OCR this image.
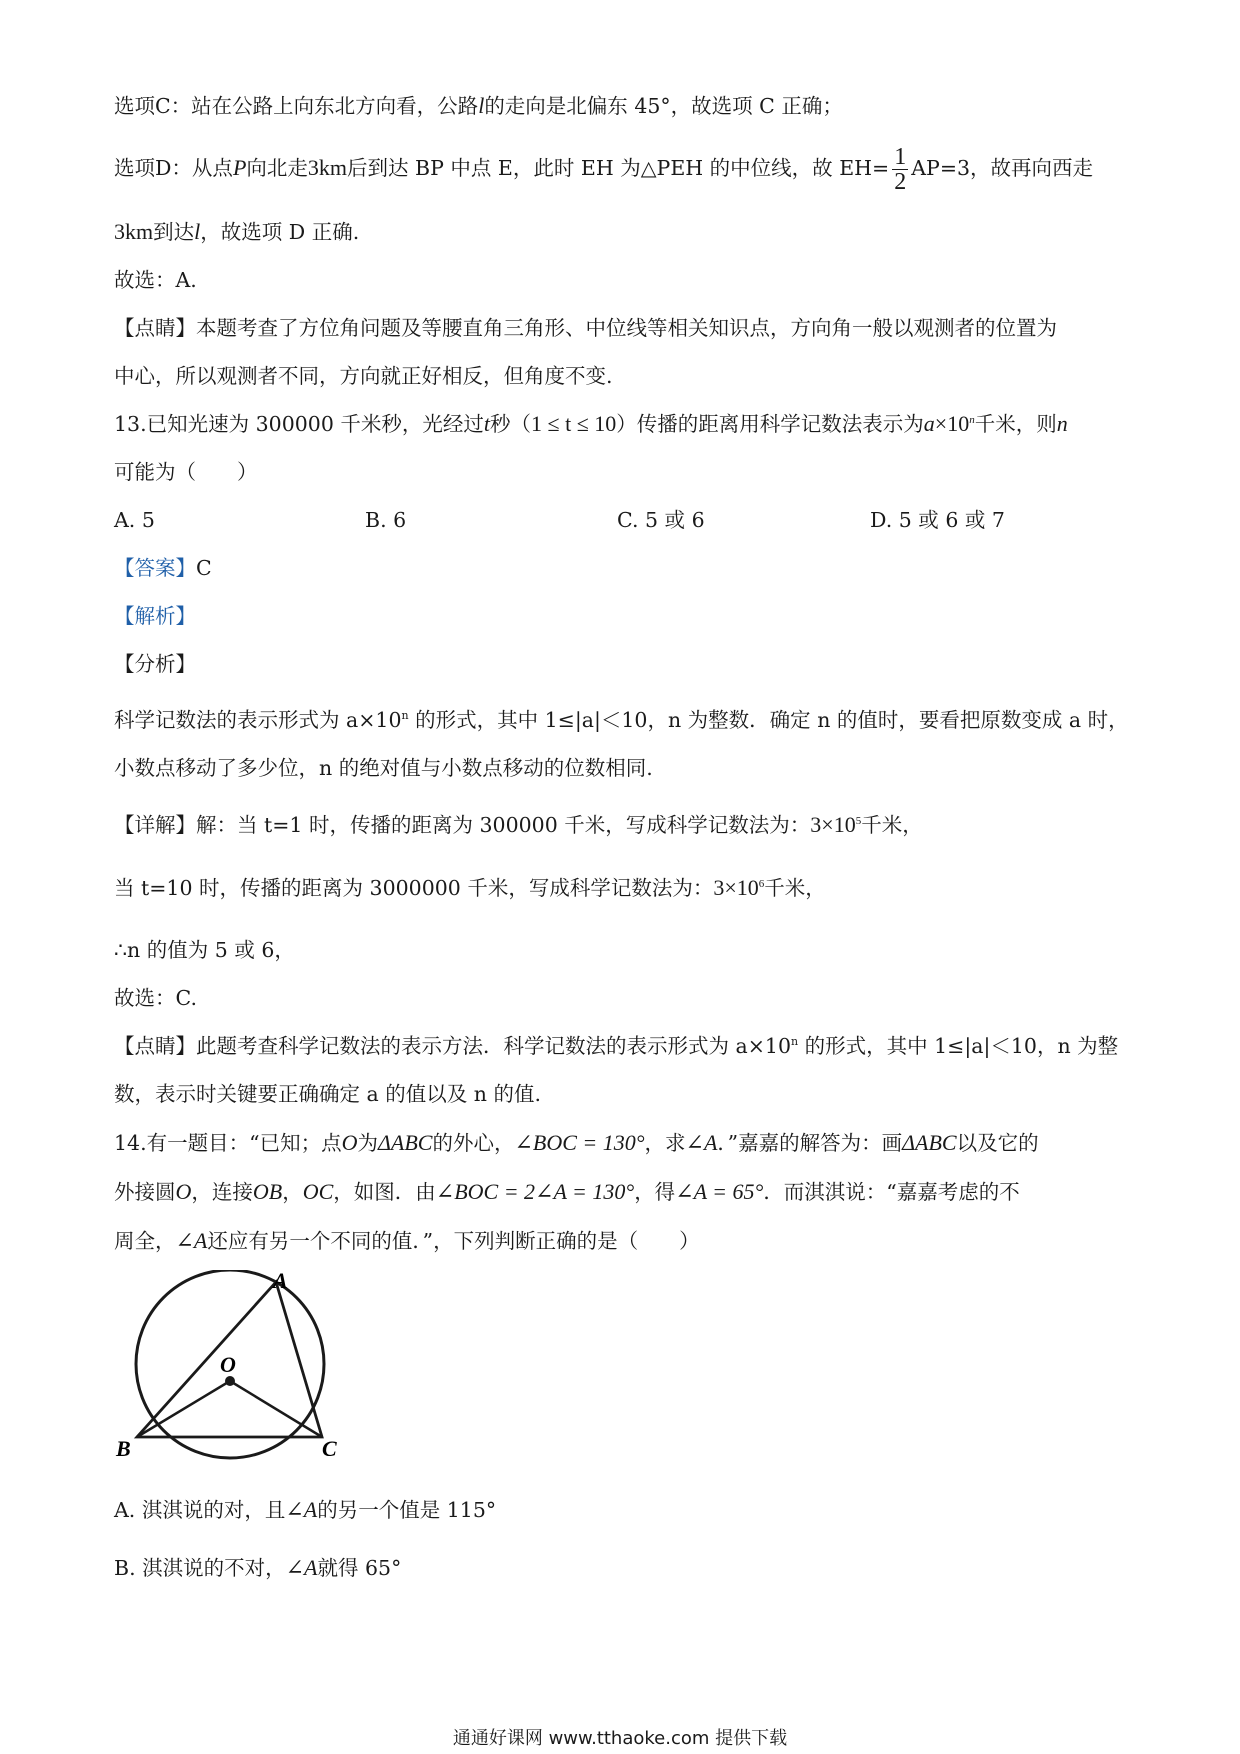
选项C：站在公路上向东北方向看，公路l的走向是北偏东 45°，故选项 C 正确；
选项D：从点P向北走3km后到达 BP 中点 E，此时 EH 为△PEH 的中位线，故 $EH= \frac{1}{2} AP=3$，故再向西走
3km到达l，故选项 D 正确.
故选：A.
【点睛】本题考查了方位角问题及等腰直角三角形、中位线等相关知识点，方向角一般以观测者的位置为
中心，所以观测者不同，方向就正好相反，但角度不变.
13.已知光速为 300000 千米秒，光经过t秒（1 ≤ t ≤ 10）传播的距离用科学记数法表示为$a\times 10^n$千米，则n
可能为（　　）
A. 5	B. 6	C. 5 或 6	D. 5 或 6 或 7
【答案】C
【解析】
【分析】
科学记数法的表示形式为 $a\times 10^n$ 的形式，其中 1≤|a|＜10，n 为整数．确定 n 的值时，要看把原数变成 a 时，
小数点移动了多少位，n 的绝对值与小数点移动的位数相同.
【详解】解：当 t=1 时，传播的距离为 300000 千米，写成科学记数法为：$3\times 10^5$千米，
当 t=10 时，传播的距离为 3000000 千米，写成科学记数法为：$3\times 10^6$千米，
∴n 的值为 5 或 6，
故选：C.
【点睛】此题考查科学记数法的表示方法．科学记数法的表示形式为 $a\times 10^n$ 的形式，其中 1≤|a|＜10，n 为整
数，表示时关键要正确确定 a 的值以及 n 的值.
14.有一题目：“已知；点O为ΔABC的外心，∠BOC = 130°，求∠A．”嘉嘉的解答为：画ΔABC以及它的
外接圆O，连接OB，OC，如图．由∠BOC = 2∠A = 130°，得∠A = 65°．而淇淇说：“嘉嘉考虑的不
周全，∠A还应有另一个不同的值．”，下列判断正确的是（　　）
A
O
B	C
A. 淇淇说的对，且∠A的另一个值是 115°
B. 淇淇说的不对，∠A就得 65°
通通好课网 www.tthaoke.com 提供下载
